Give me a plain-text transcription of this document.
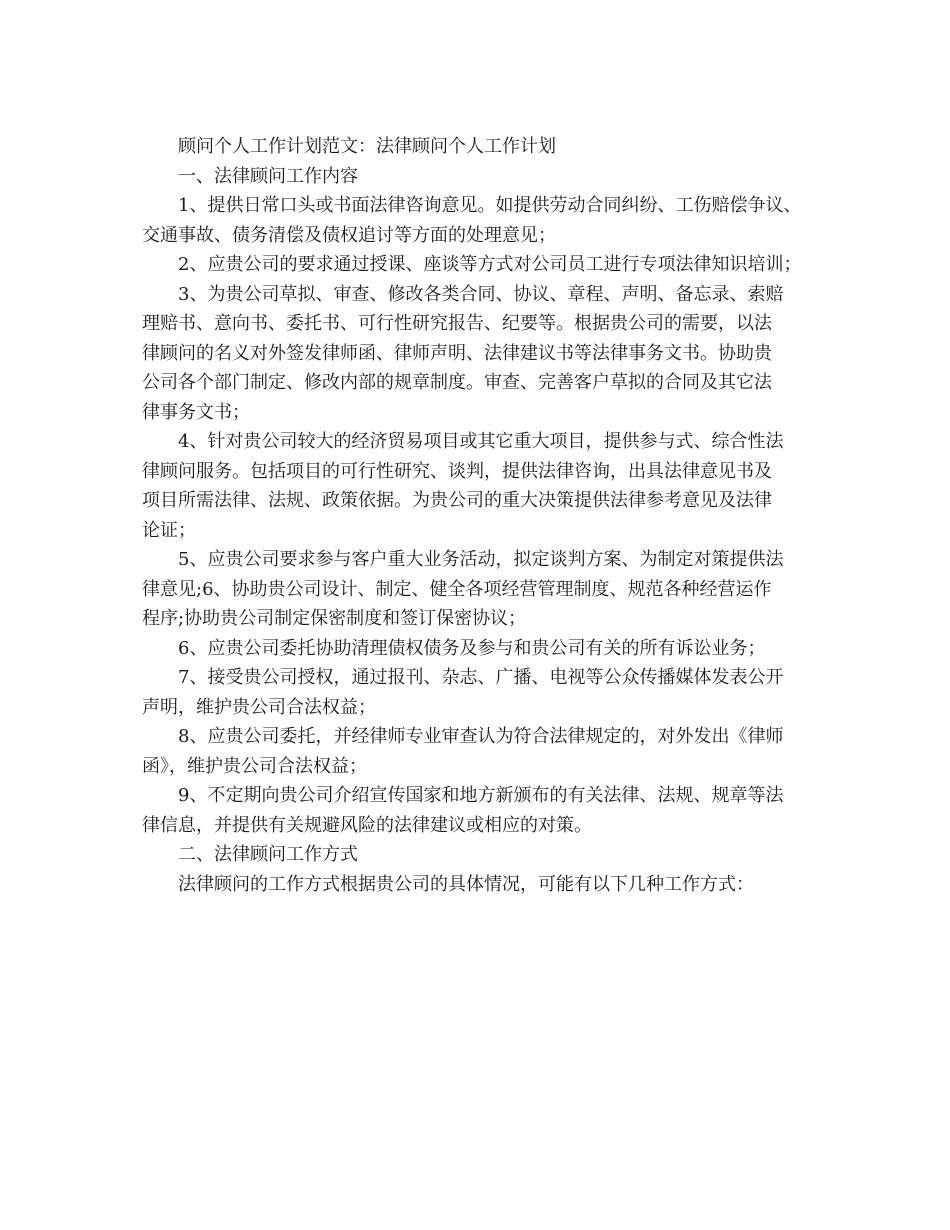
顾问个人工作计划范文：法律顾问个人工作计划
一、法律顾问工作内容
1、提供日常口头或书面法律咨询意见。如提供劳动合同纠纷、工伤赔偿争议、
交通事故、债务清偿及债权追讨等方面的处理意见；
2、应贵公司的要求通过授课、座谈等方式对公司员工进行专项法律知识培训；
3、为贵公司草拟、审查、修改各类合同、协议、章程、声明、备忘录、索赔
理赔书、意向书、委托书、可行性研究报告、纪要等。根据贵公司的需要，以法
律顾问的名义对外签发律师函、律师声明、法律建议书等法律事务文书。协助贵
公司各个部门制定、修改内部的规章制度。审查、完善客户草拟的合同及其它法
律事务文书；
4、针对贵公司较大的经济贸易项目或其它重大项目，提供参与式、综合性法
律顾问服务。包括项目的可行性研究、谈判，提供法律咨询，出具法律意见书及
项目所需法律、法规、政策依据。为贵公司的重大决策提供法律参考意见及法律
论证；
5、应贵公司要求参与客户重大业务活动，拟定谈判方案、为制定对策提供法
律意见;6、协助贵公司设计、制定、健全各项经营管理制度、规范各种经营运作
程序;协助贵公司制定保密制度和签订保密协议；
6、应贵公司委托协助清理债权债务及参与和贵公司有关的所有诉讼业务；
7、接受贵公司授权，通过报刊、杂志、广播、电视等公众传播媒体发表公开
声明，维护贵公司合法权益；
8、应贵公司委托，并经律师专业审查认为符合法律规定的，对外发出《律师
函》，维护贵公司合法权益；
9、不定期向贵公司介绍宣传国家和地方新颁布的有关法律、法规、规章等法
律信息，并提供有关规避风险的法律建议或相应的对策。
二、法律顾问工作方式
法律顾问的工作方式根据贵公司的具体情况，可能有以下几种工作方式：
